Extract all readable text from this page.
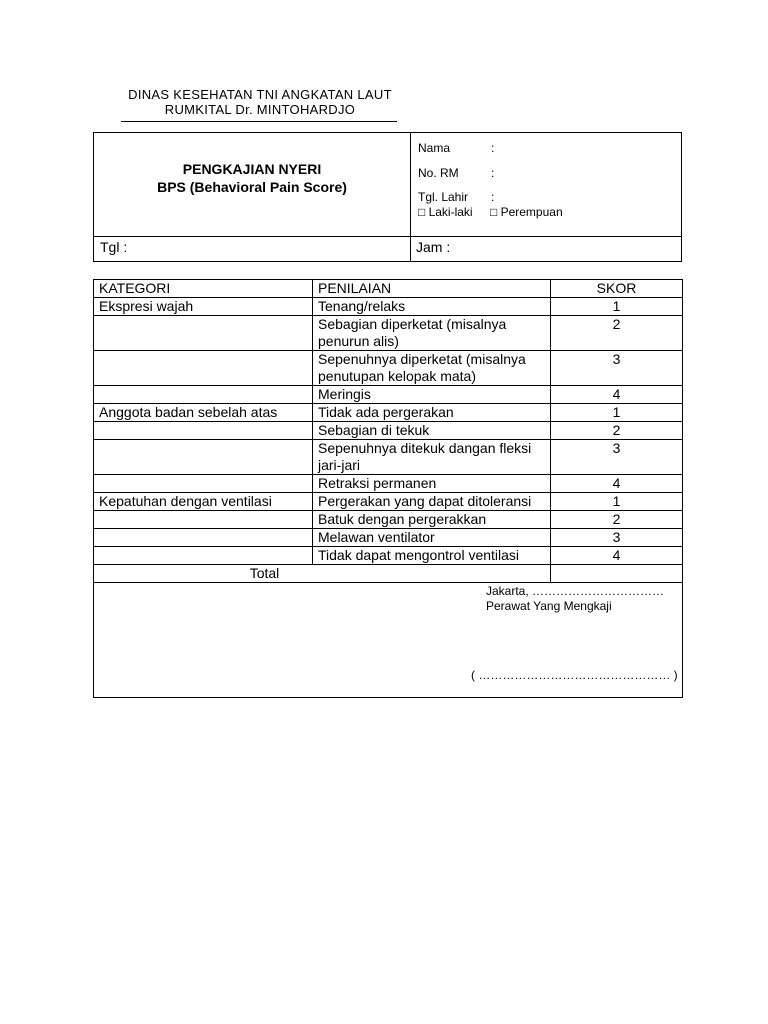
DINAS KESEHATAN TNI ANGKATAN LAUT
RUMKITAL Dr. MINTOHARDJO
PENGKAJIAN NYERI
BPS (Behavioral Pain Score)
Nama	:
No. RM	:
Tgl. Lahir :
□ Laki-laki □ Perempuan
Tgl :	Jam :
KATEGORI	PENILAIAN	SKOR
Ekspresi wajah	Tenang/relaks	1
	Sebagian diperketat (misalnya penurun alis)	2
	Sepenuhnya diperketat (misalnya penutupan kelopak mata)	3
	Meringis	4
Anggota badan sebelah atas	Tidak ada pergerakan	1
	Sebagian di tekuk	2
	Sepenuhnya ditekuk dangan fleksi jari-jari	3
	Retraksi permanen	4
Kepatuhan dengan ventilasi	Pergerakan yang dapat ditoleransi	1
	Batuk dengan pergerakkan	2
	Melawan ventilator	3
	Tidak dapat mengontrol ventilasi	4
Total		

Jakarta, ……………………………
Perawat Yang Mengkaji
( ………………………………………… )		
